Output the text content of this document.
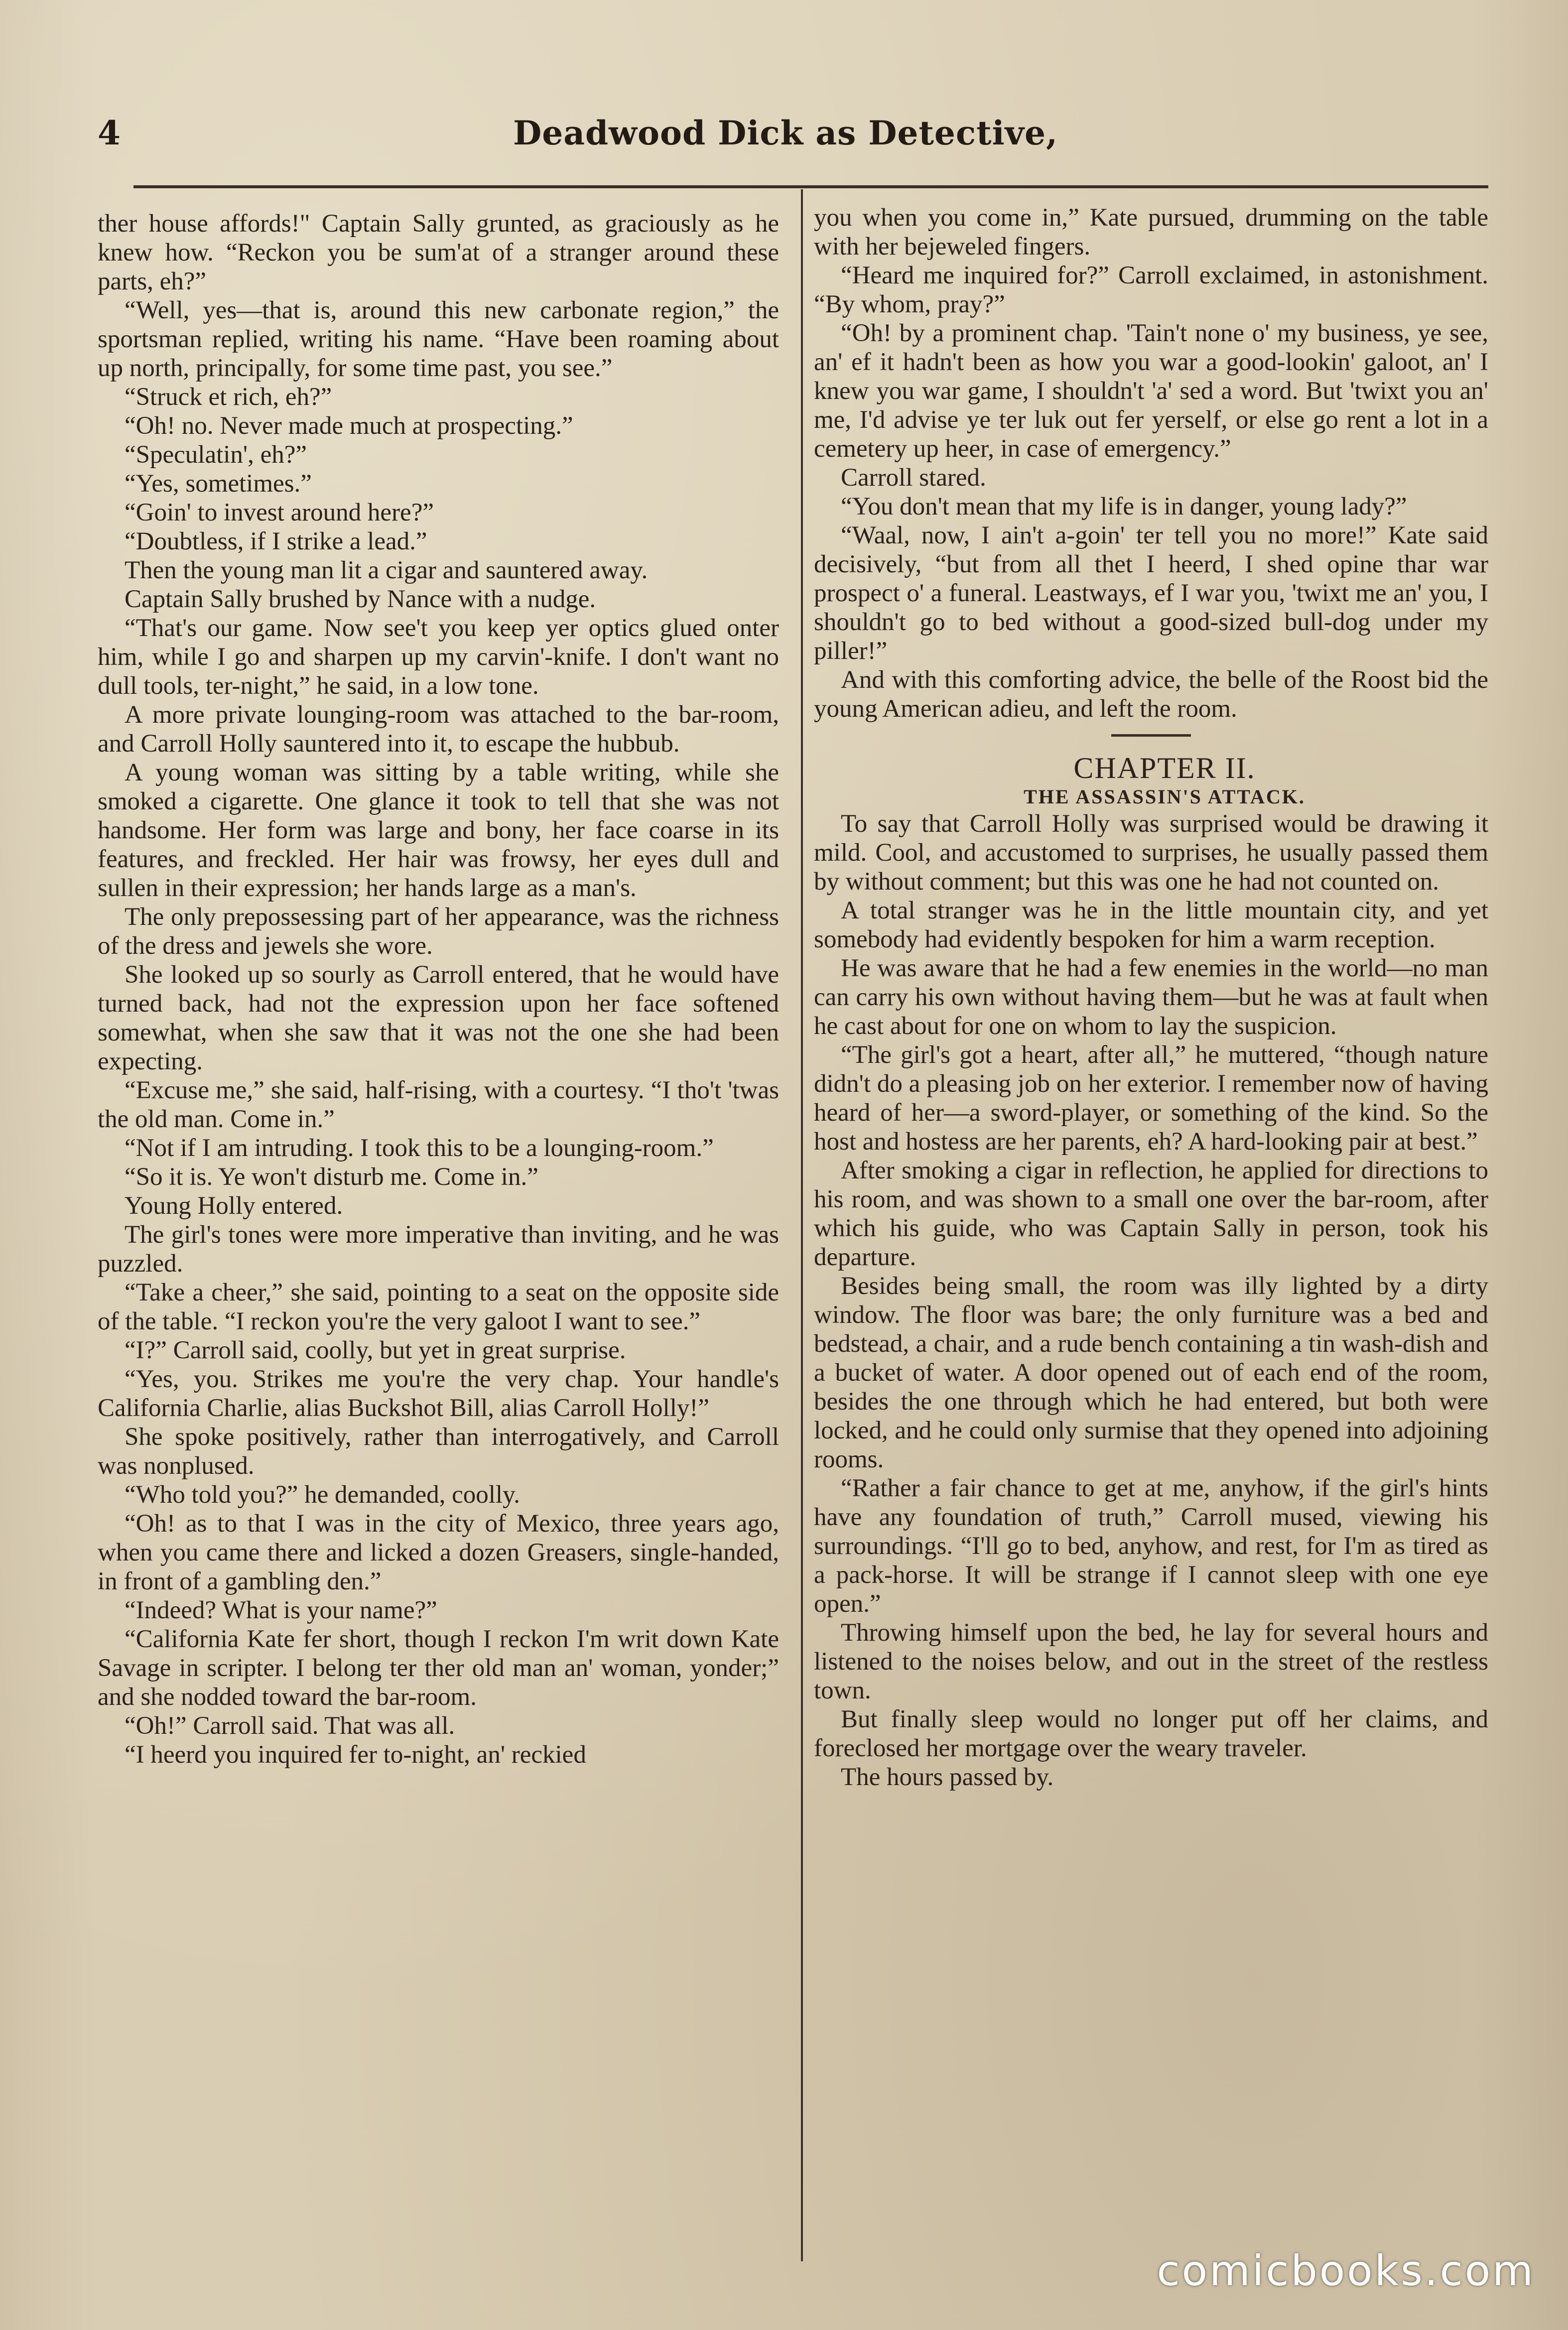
4	Deadwood Dick as Detective,

ther house affords!" Captain Sally grunted, as graciously as he knew how. “Reckon you be sum'at of a stranger around these parts, eh?”

“Well, yes—that is, around this new carbonate region,” the sportsman replied, writing his name. “Have been roaming about up north, principally, for some time past, you see.”

“Struck et rich, eh?”

“Oh! no. Never made much at prospecting.”

“Speculatin', eh?”

“Yes, sometimes.”

“Goin' to invest around here?”

“Doubtless, if I strike a lead.”

Then the young man lit a cigar and sauntered away.

Captain Sally brushed by Nance with a nudge.

“That's our game. Now see't you keep yer optics glued onter him, while I go and sharpen up my carvin'-knife. I don't want no dull tools, ter-night,” he said, in a low tone.

A more private lounging-room was attached to the bar-room, and Carroll Holly sauntered into it, to escape the hubbub.

A young woman was sitting by a table writing, while she smoked a cigarette. One glance it took to tell that she was not handsome. Her form was large and bony, her face coarse in its features, and freckled. Her hair was frowsy, her eyes dull and sullen in their expression; her hands large as a man's.

The only prepossessing part of her appearance, was the richness of the dress and jewels she wore.

She looked up so sourly as Carroll entered, that he would have turned back, had not the expression upon her face softened somewhat, when she saw that it was not the one she had been expecting.

“Excuse me,” she said, half-rising, with a courtesy. “I tho't 'twas the old man. Come in.”

“Not if I am intruding. I took this to be a lounging-room.”

“So it is. Ye won't disturb me. Come in.”

Young Holly entered.

The girl's tones were more imperative than inviting, and he was puzzled.

“Take a cheer,” she said, pointing to a seat on the opposite side of the table. “I reckon you're the very galoot I want to see.”

“I?” Carroll said, coolly, but yet in great surprise.

“Yes, you. Strikes me you're the very chap. Your handle's California Charlie, alias Buckshot Bill, alias Carroll Holly!”

She spoke positively, rather than interrogatively, and Carroll was nonplused.

“Who told you?” he demanded, coolly.

“Oh! as to that I was in the city of Mexico, three years ago, when you came there and licked a dozen Greasers, single-handed, in front of a gambling den.”

“Indeed? What is your name?”

“California Kate fer short, though I reckon I'm writ down Kate Savage in scripter. I belong ter ther old man an' woman, yonder;” and she nodded toward the bar-room.

“Oh!” Carroll said. That was all.

“I heerd you inquired fer to-night, an' reckied

you when you come in,” Kate pursued, drumming on the table with her bejeweled fingers.

“Heard me inquired for?” Carroll exclaimed, in astonishment. “By whom, pray?”

“Oh! by a prominent chap. 'Tain't none o' my business, ye see, an' ef it hadn't been as how you war a good-lookin' galoot, an' I knew you war game, I shouldn't 'a' sed a word. But 'twixt you an' me, I'd advise ye ter luk out fer yerself, or else go rent a lot in a cemetery up heer, in case of emergency.”

Carroll stared.

“You don't mean that my life is in danger, young lady?”

“Waal, now, I ain't a-goin' ter tell you no more!” Kate said decisively, “but from all thet I heerd, I shed opine thar war prospect o' a funeral. Leastways, ef I war you, 'twixt me an' you, I shouldn't go to bed without a good-sized bull-dog under my piller!”

And with this comforting advice, the belle of the Roost bid the young American adieu, and left the room.

CHAPTER II.

THE ASSASSIN'S ATTACK.

To say that Carroll Holly was surprised would be drawing it mild. Cool, and accustomed to surprises, he usually passed them by without comment; but this was one he had not counted on.

A total stranger was he in the little mountain city, and yet somebody had evidently bespoken for him a warm reception.

He was aware that he had a few enemies in the world—no man can carry his own without having them—but he was at fault when he cast about for one on whom to lay the suspicion.

“The girl's got a heart, after all,” he muttered, “though nature didn't do a pleasing job on her exterior. I remember now of having heard of her—a sword-player, or something of the kind. So the host and hostess are her parents, eh? A hard-looking pair at best.”

After smoking a cigar in reflection, he applied for directions to his room, and was shown to a small one over the bar-room, after which his guide, who was Captain Sally in person, took his departure.

Besides being small, the room was illy lighted by a dirty window. The floor was bare; the only furniture was a bed and bedstead, a chair, and a rude bench containing a tin wash-dish and a bucket of water. A door opened out of each end of the room, besides the one through which he had entered, but both were locked, and he could only surmise that they opened into adjoining rooms.

“Rather a fair chance to get at me, anyhow, if the girl's hints have any foundation of truth,” Carroll mused, viewing his surroundings. “I'll go to bed, anyhow, and rest, for I'm as tired as a pack-horse. It will be strange if I cannot sleep with one eye open.”

Throwing himself upon the bed, he lay for several hours and listened to the noises below, and out in the street of the restless town.

But finally sleep would no longer put off her claims, and foreclosed her mortgage over the weary traveler.

The hours passed by.

comicbooks.com
